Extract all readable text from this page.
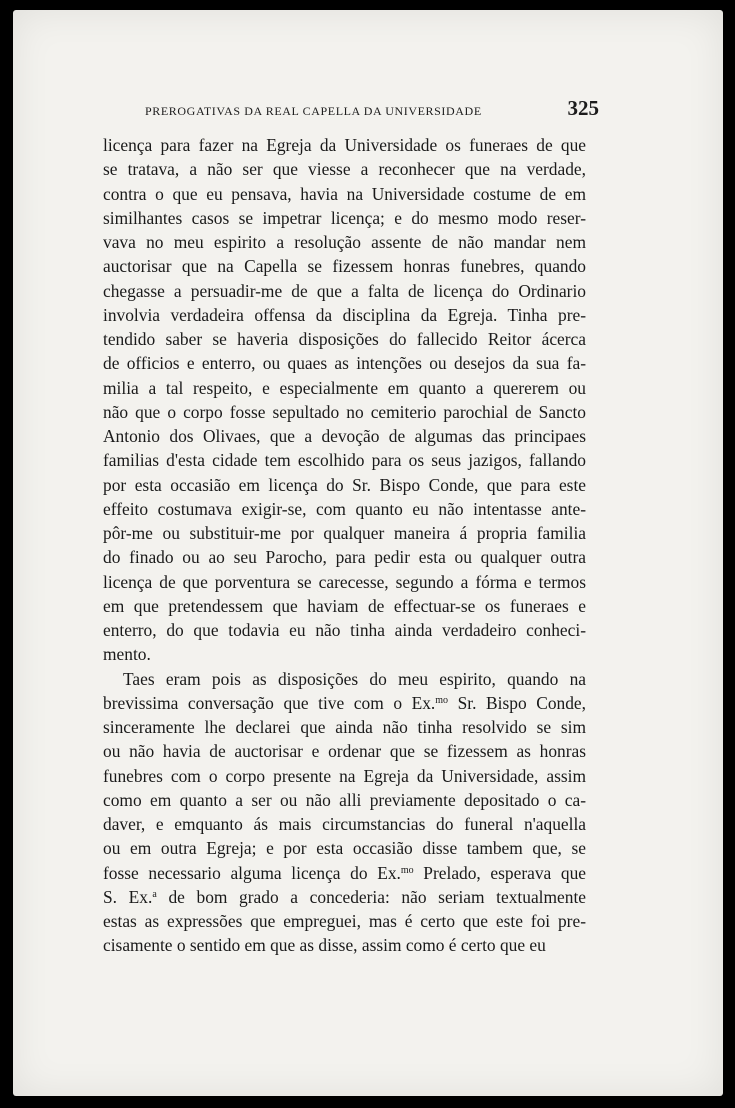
PREROGATIVAS DA REAL CAPELLA DA UNIVERSIDADE	325
licença para fazer na Egreja da Universidade os funeraes de que
se tratava, a não ser que viesse a reconhecer que na verdade,
contra o que eu pensava, havia na Universidade costume de em
similhantes casos se impetrar licença; e do mesmo modo reser-
vava no meu espirito a resolução assente de não mandar nem
auctorisar que na Capella se fizessem honras funebres, quando
chegasse a persuadir-me de que a falta de licença do Ordinario
involvia verdadeira offensa da disciplina da Egreja. Tinha pre-
tendido saber se haveria disposições do fallecido Reitor ácerca
de officios e enterro, ou quaes as intenções ou desejos da sua fa-
milia a tal respeito, e especialmente em quanto a quererem ou
não que o corpo fosse sepultado no cemiterio parochial de Sancto
Antonio dos Olivaes, que a devoção de algumas das principaes
familias d'esta cidade tem escolhido para os seus jazigos, fallando
por esta occasião em licença do Sr. Bispo Conde, que para este
effeito costumava exigir-se, com quanto eu não intentasse ante-
pôr-me ou substituir-me por qualquer maneira á propria familia
do finado ou ao seu Parocho, para pedir esta ou qualquer outra
licença de que porventura se carecesse, segundo a fórma e termos
em que pretendessem que haviam de effectuar-se os funeraes e
enterro, do que todavia eu não tinha ainda verdadeiro conheci-
mento.
Taes eram pois as disposições do meu espirito, quando na
brevissima conversação que tive com o Ex.$^{mo}$ Sr. Bispo Conde,
sinceramente lhe declarei que ainda não tinha resolvido se sim
ou não havia de auctorisar e ordenar que se fizessem as honras
funebres com o corpo presente na Egreja da Universidade, assim
como em quanto a ser ou não alli previamente depositado o ca-
daver, e emquanto ás mais circumstancias do funeral n'aquella
ou em outra Egreja; e por esta occasião disse tambem que, se
fosse necessario alguma licença do Ex.$^{mo}$ Prelado, esperava que
S. Ex.$^a$ de bom grado a concederia: não seriam textualmente
estas as expressões que empreguei, mas é certo que este foi pre-
cisamente o sentido em que as disse, assim como é certo que eu
